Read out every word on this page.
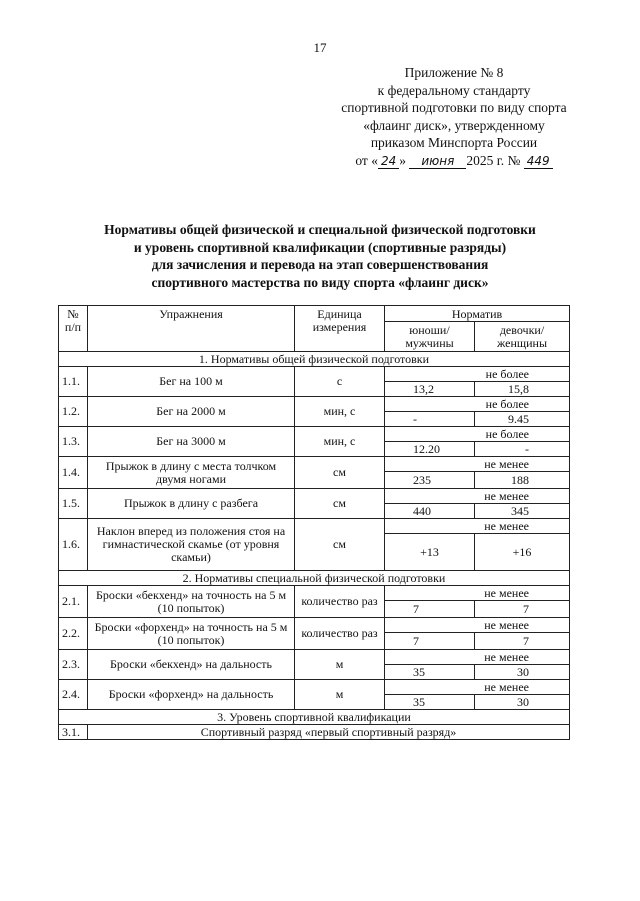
17
Приложение № 8
к федеральному стандарту
спортивной подготовки по виду спорта
«флаинг диск», утвержденному
приказом Минспорта России
от « 24 » июня 2025 г. № 449
Нормативы общей физической и специальной физической подготовки
и уровень спортивной квалификации (спортивные разряды)
для зачисления и перевода на этап совершенствования
спортивного мастерства по виду спорта «флаинг диск»
№ п/п	Упражнения	Единица измерения	Норматив	
			юноши/ мужчины	девочки/ женщины
1. Нормативы общей физической подготовки				
1.1.	Бег на 100 м	с	не более	
			13,2	15,8
1.2.	Бег на 2000 м	мин, с	не более	
			-	9.45
1.3.	Бег на 3000 м	мин, с	не более	
			12.20	-
1.4.	Прыжок в длину с места толчком двумя ногами	см	не менее	
			235	188
1.5.	Прыжок в длину с разбега	см	не менее	
			440	345
1.6.	Наклон вперед из положения стоя на гимнастической скамье (от уровня скамьи)	см	не менее	
			+13	+16
2. Нормативы специальной физической подготовки				
2.1.	Броски «бекхенд» на точность на 5 м (10 попыток)	количество раз	не менее	
			7	7
2.2.	Броски «форхенд» на точность на 5 м (10 попыток)	количество раз	не менее	
			7	7
2.3.	Броски «бекхенд» на дальность	м	не менее	
			35	30
2.4.	Броски «форхенд» на дальность	м	не менее	
			35	30
3. Уровень спортивной квалификации				
3.1.	Спортивный разряд «первый спортивный разряд»			
